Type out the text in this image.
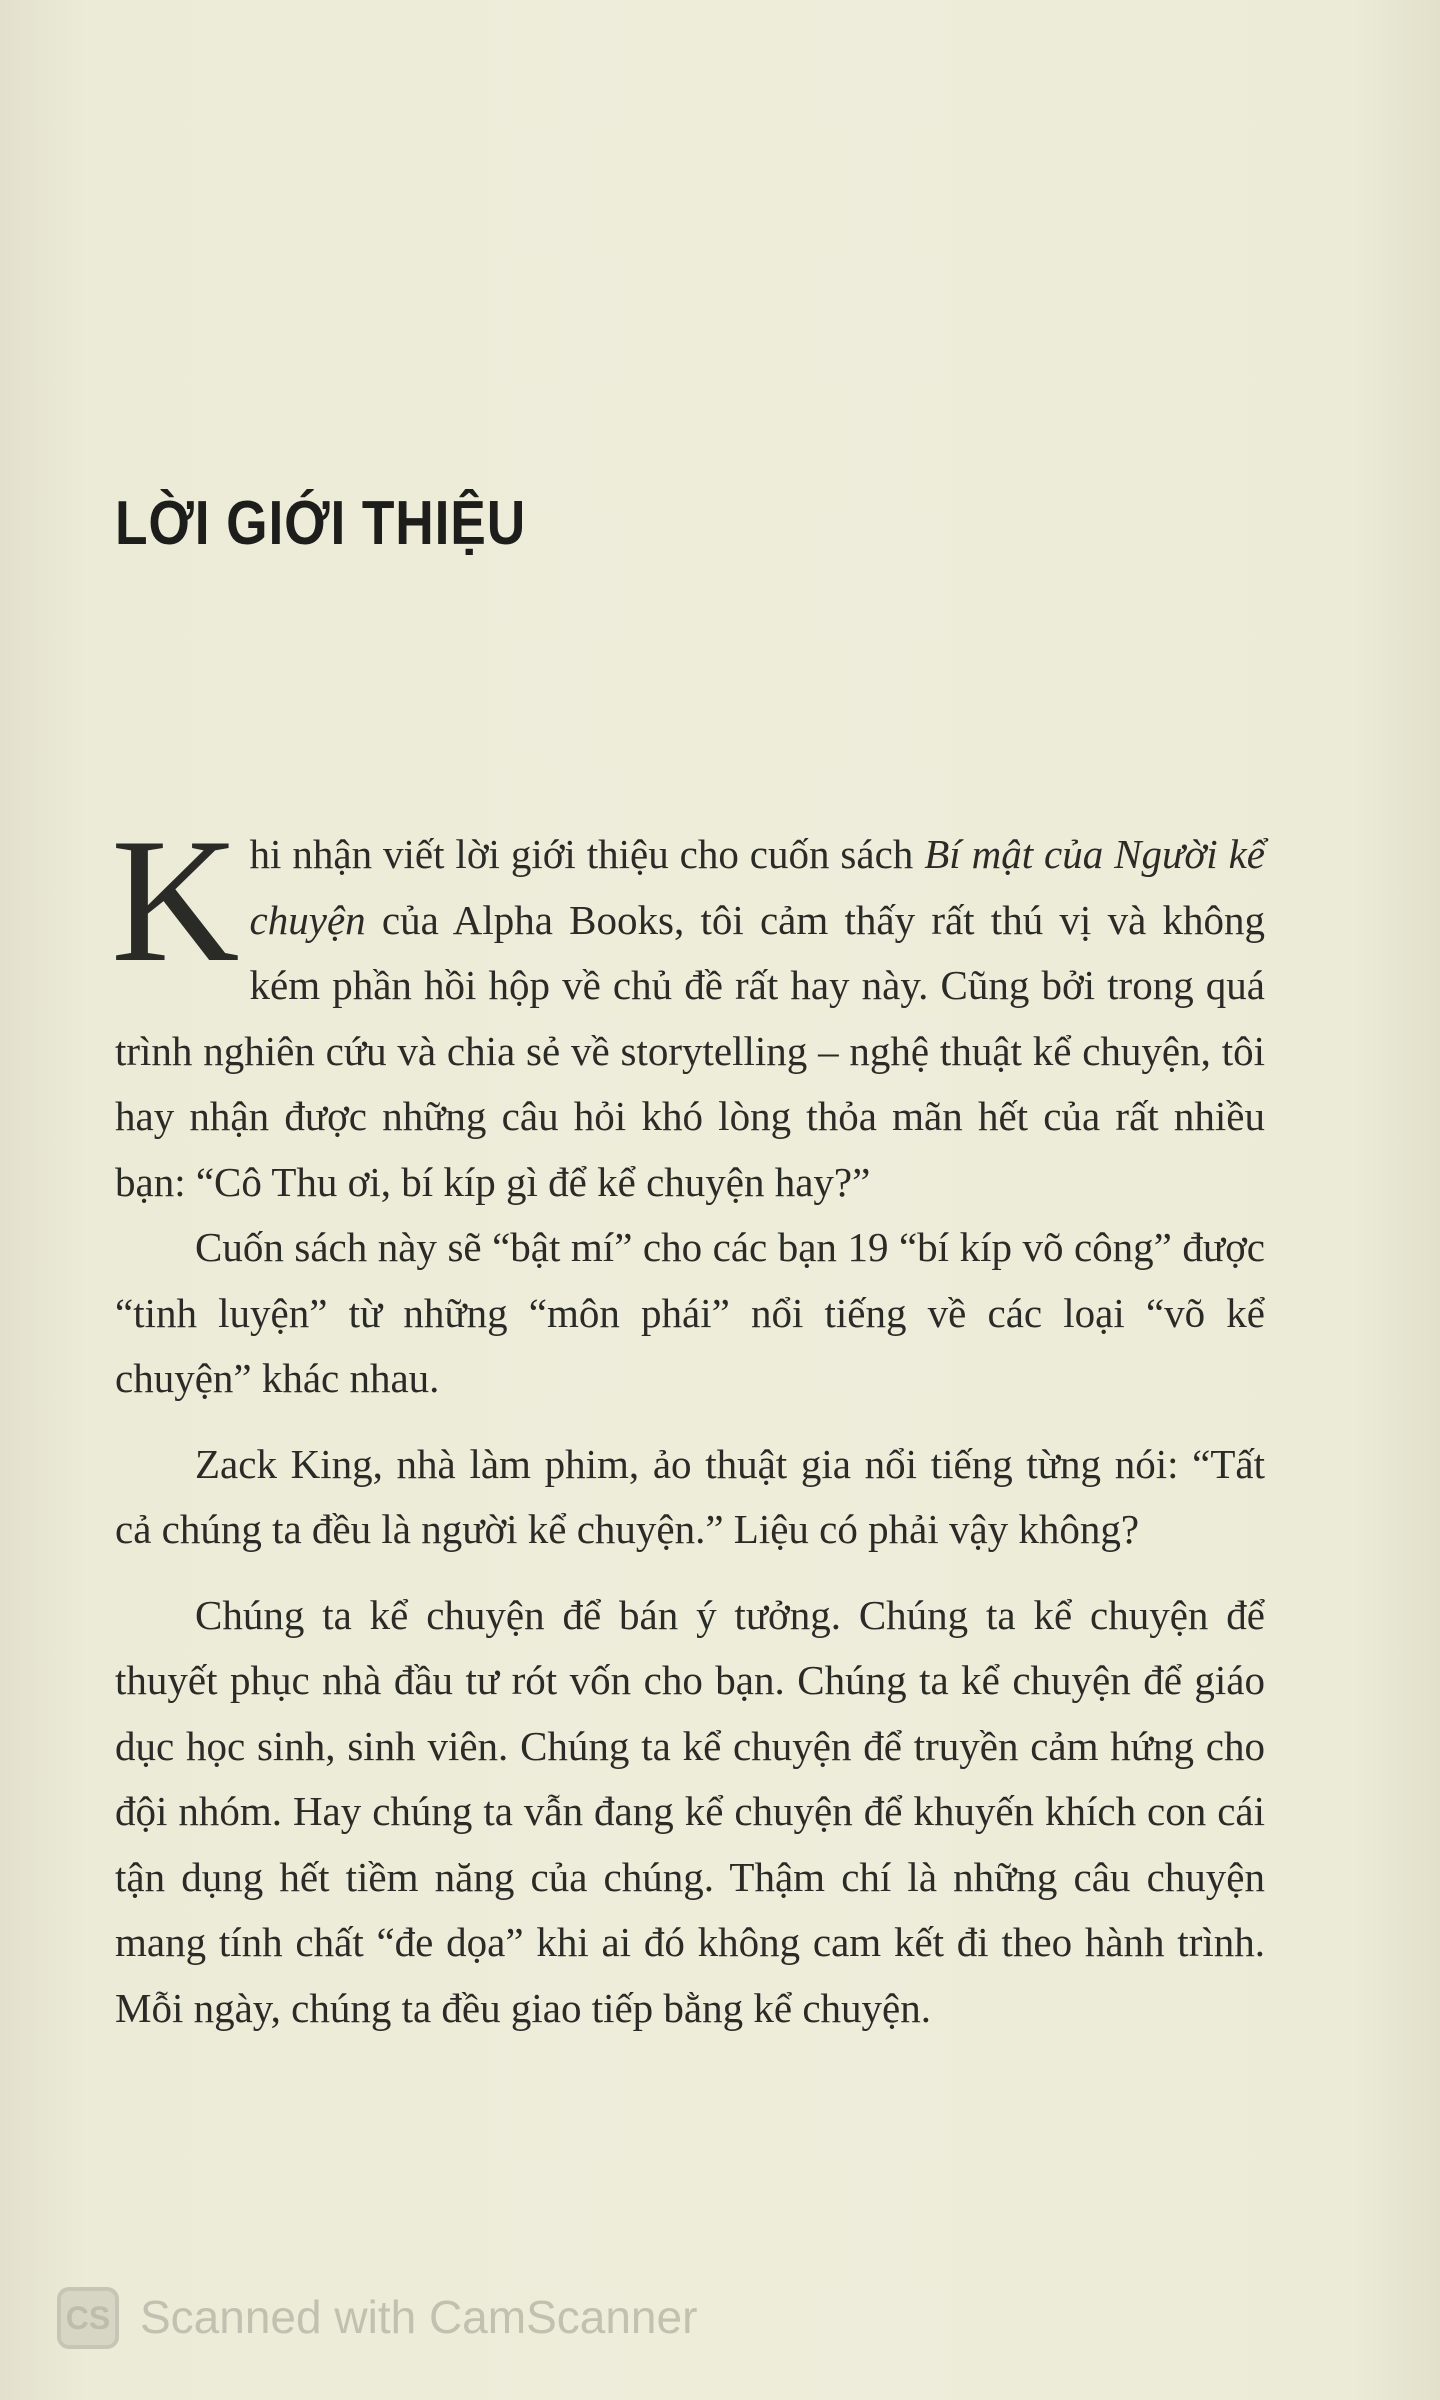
LỜI GIỚI THIỆU

Khi nhận viết lời giới thiệu cho cuốn sách Bí mật của Người kể chuyện của Alpha Books, tôi cảm thấy rất thú vị và không kém phần hồi hộp về chủ đề rất hay này. Cũng bởi trong quá trình nghiên cứu và chia sẻ về storytelling – nghệ thuật kể chuyện, tôi hay nhận được những câu hỏi khó lòng thỏa mãn hết của rất nhiều bạn: “Cô Thu ơi, bí kíp gì để kể chuyện hay?”

Cuốn sách này sẽ “bật mí” cho các bạn 19 “bí kíp võ công” được “tinh luyện” từ những “môn phái” nổi tiếng về các loại “võ kể chuyện” khác nhau.

Zack King, nhà làm phim, ảo thuật gia nổi tiếng từng nói: “Tất cả chúng ta đều là người kể chuyện.” Liệu có phải vậy không?

Chúng ta kể chuyện để bán ý tưởng. Chúng ta kể chuyện để thuyết phục nhà đầu tư rót vốn cho bạn. Chúng ta kể chuyện để giáo dục học sinh, sinh viên. Chúng ta kể chuyện để truyền cảm hứng cho đội nhóm. Hay chúng ta vẫn đang kể chuyện để khuyến khích con cái tận dụng hết tiềm năng của chúng. Thậm chí là những câu chuyện mang tính chất “đe dọa” khi ai đó không cam kết đi theo hành trình. Mỗi ngày, chúng ta đều giao tiếp bằng kể chuyện.

CS Scanned with CamScanner
